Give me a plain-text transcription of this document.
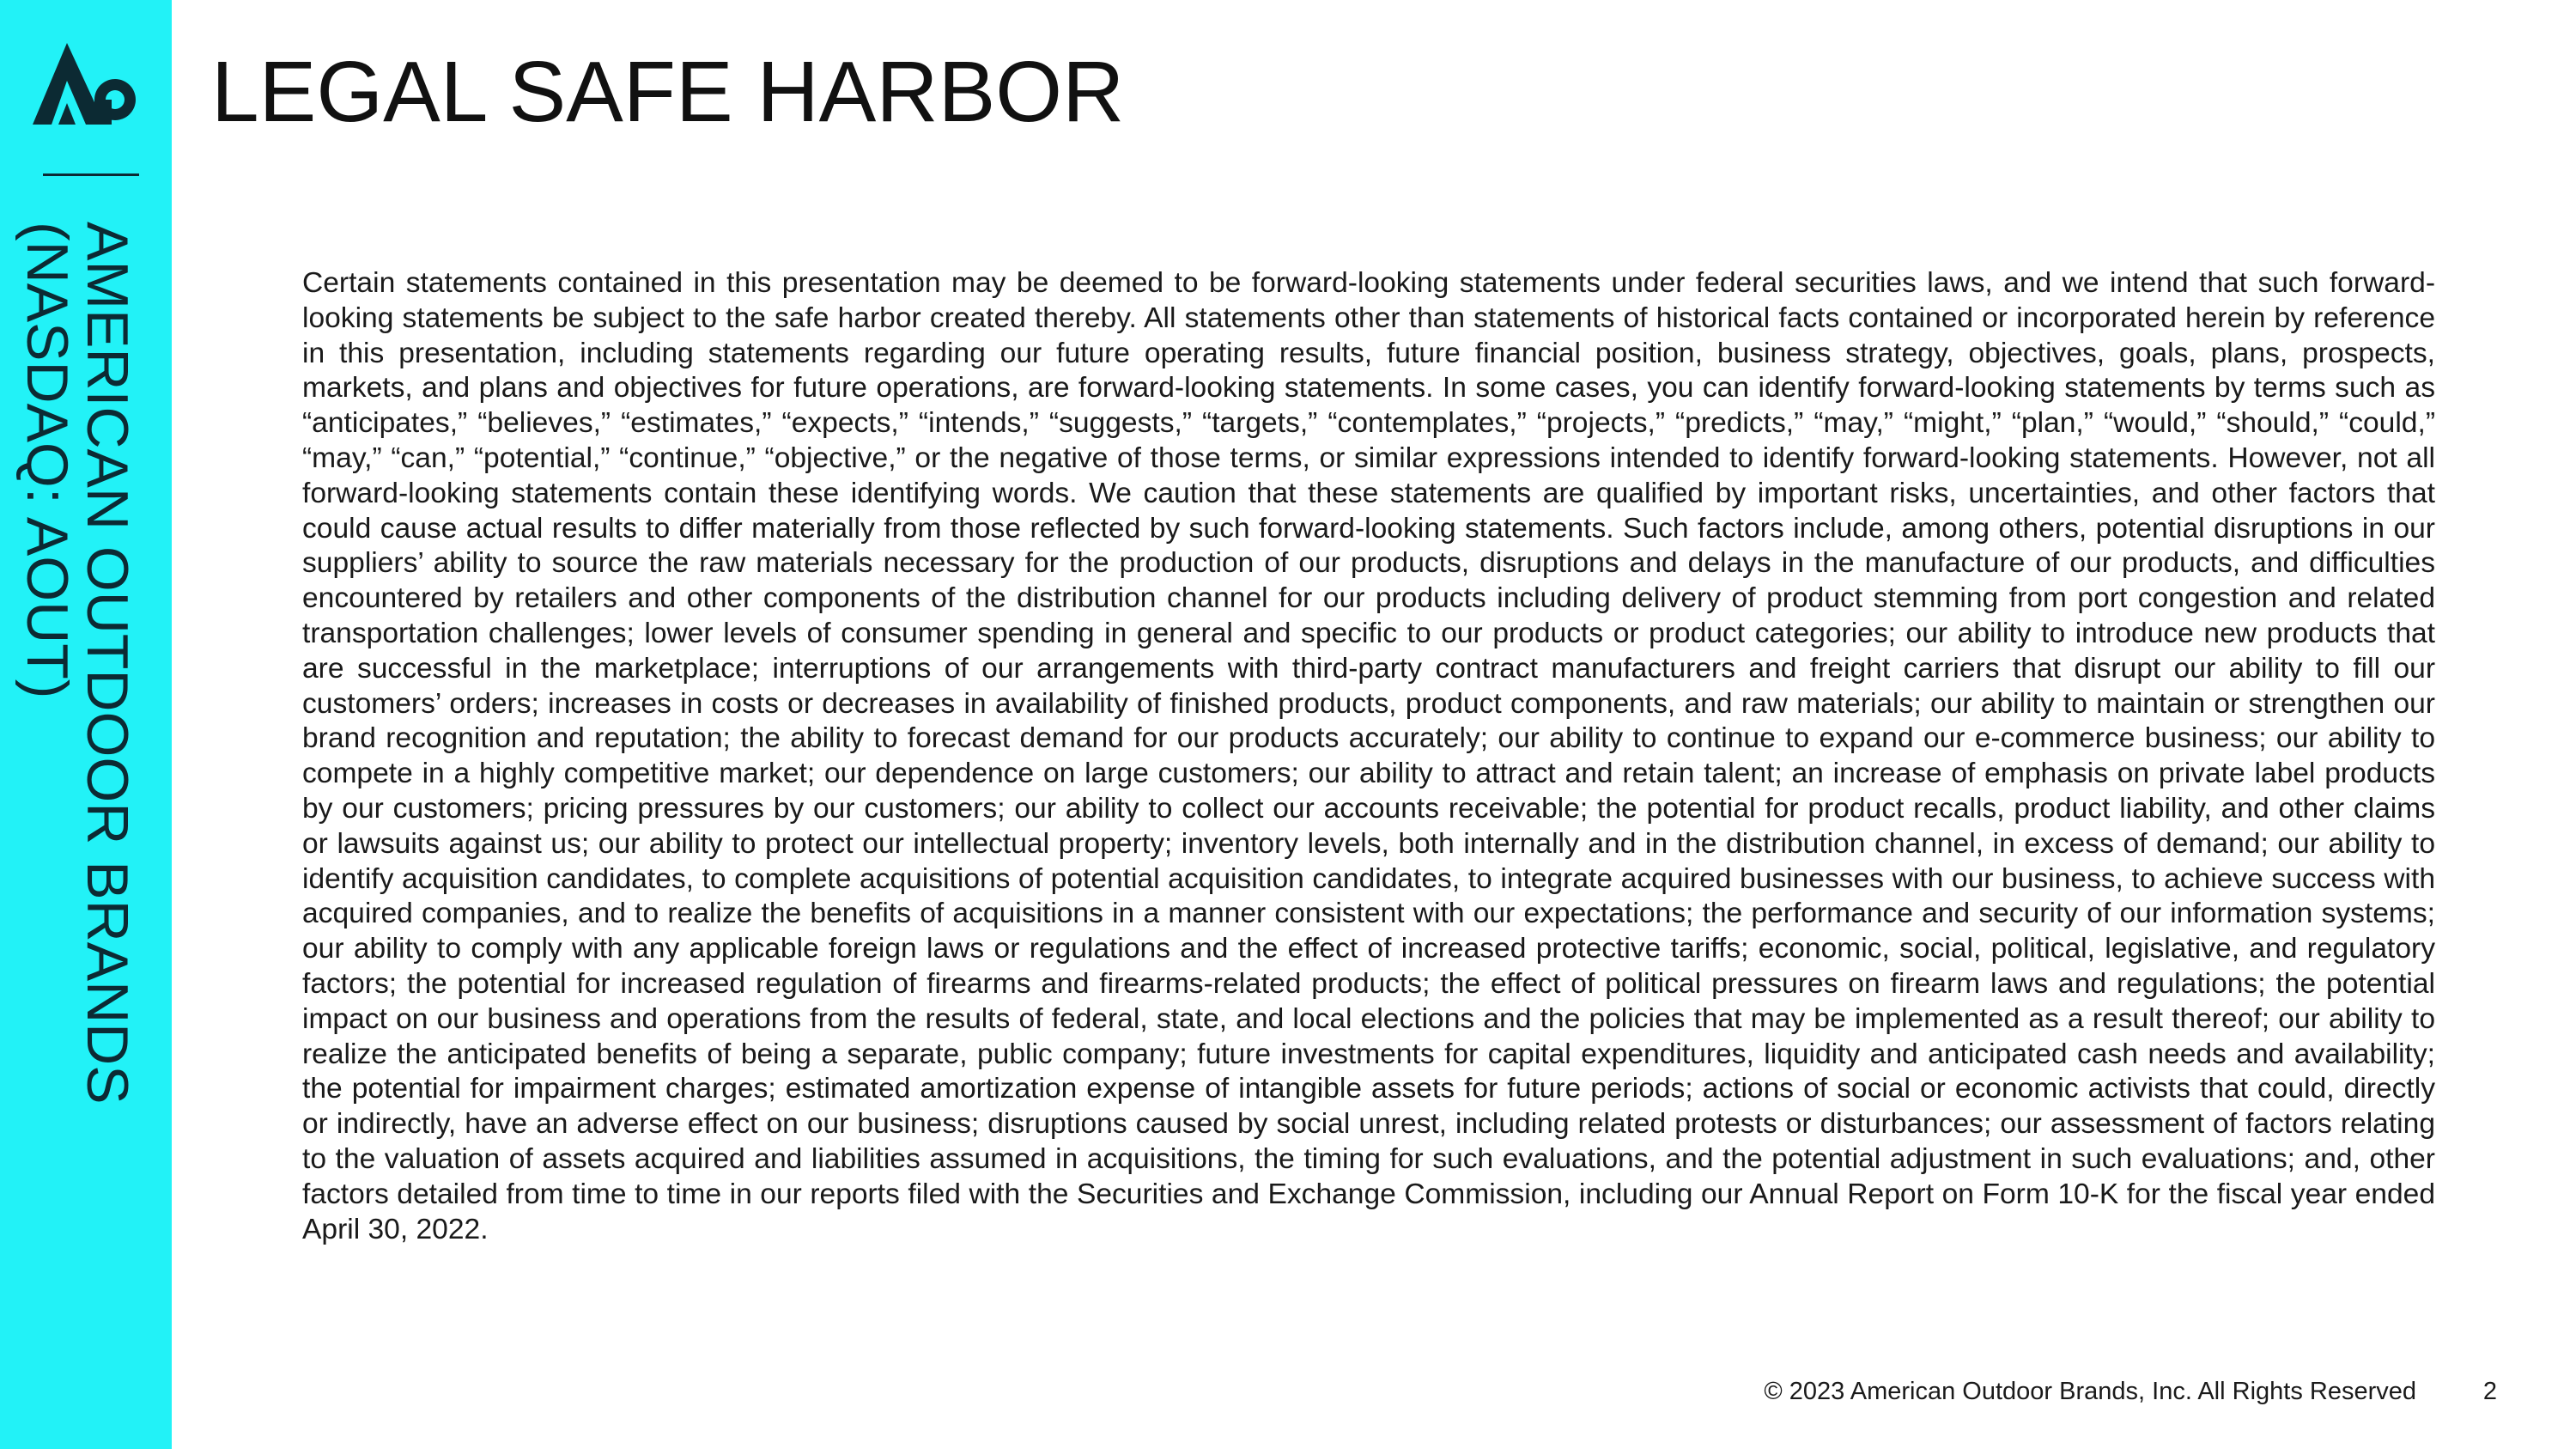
AMERICAN OUTDOOR BRANDS (NASDAQ: AOUT)
LEGAL SAFE HARBOR

Certain statements contained in this presentation may be deemed to be forward-looking statements under federal securities laws, and we intend that such forward-looking statements be subject to the safe harbor created thereby. All statements other than statements of historical facts contained or incorporated herein by reference in this presentation, including statements regarding our future operating results, future financial position, business strategy, objectives, goals, plans, prospects, markets, and plans and objectives for future operations, are forward-looking statements. In some cases, you can identify forward-looking statements by terms such as “anticipates,” “believes,” “estimates,” “expects,” “intends,” “suggests,” “targets,” “contemplates,” “projects,” “predicts,” “may,” “might,” “plan,” “would,” “should,” “could,” “may,” “can,” “potential,” “continue,” “objective,” or the negative of those terms, or similar expressions intended to identify forward-looking statements. However, not all forward-looking statements contain these identifying words. We caution that these statements are qualified by important risks, uncertainties, and other factors that could cause actual results to differ materially from those reflected by such forward-looking statements. Such factors include, among others, potential disruptions in our suppliers’ ability to source the raw materials necessary for the production of our products, disruptions and delays in the manufacture of our products, and difficulties encountered by retailers and other components of the distribution channel for our products including delivery of product stemming from port congestion and related transportation challenges; lower levels of consumer spending in general and specific to our products or product categories; our ability to introduce new products that are successful in the marketplace; interruptions of our arrangements with third-party contract manufacturers and freight carriers that disrupt our ability to fill our customers’ orders; increases in costs or decreases in availability of finished products, product components, and raw materials; our ability to maintain or strengthen our brand recognition and reputation; the ability to forecast demand for our products accurately; our ability to continue to expand our e-commerce business; our ability to compete in a highly competitive market; our dependence on large customers; our ability to attract and retain talent; an increase of emphasis on private label products by our customers; pricing pressures by our customers; our ability to collect our accounts receivable; the potential for product recalls, product liability, and other claims or lawsuits against us; our ability to protect our intellectual property; inventory levels, both internally and in the distribution channel, in excess of demand; our ability to identify acquisition candidates, to complete acquisitions of potential acquisition candidates, to integrate acquired businesses with our business, to achieve success with acquired companies, and to realize the benefits of acquisitions in a manner consistent with our expectations; the performance and security of our information systems; our ability to comply with any applicable foreign laws or regulations and the effect of increased protective tariffs; economic, social, political, legislative, and regulatory factors; the potential for increased regulation of firearms and firearms-related products; the effect of political pressures on firearm laws and regulations; the potential impact on our business and operations from the results of federal, state, and local elections and the policies that may be implemented as a result thereof; our ability to realize the anticipated benefits of being a separate, public company; future investments for capital expenditures, liquidity and anticipated cash needs and availability; the potential for impairment charges; estimated amortization expense of intangible assets for future periods; actions of social or economic activists that could, directly or indirectly, have an adverse effect on our business; disruptions caused by social unrest, including related protests or disturbances; our assessment of factors relating to the valuation of assets acquired and liabilities assumed in acquisitions, the timing for such evaluations, and the potential adjustment in such evaluations; and, other factors detailed from time to time in our reports filed with the Securities and Exchange Commission, including our Annual Report on Form 10-K for the fiscal year ended April 30, 2022.

© 2023 American Outdoor Brands, Inc. All Rights Reserved	2
